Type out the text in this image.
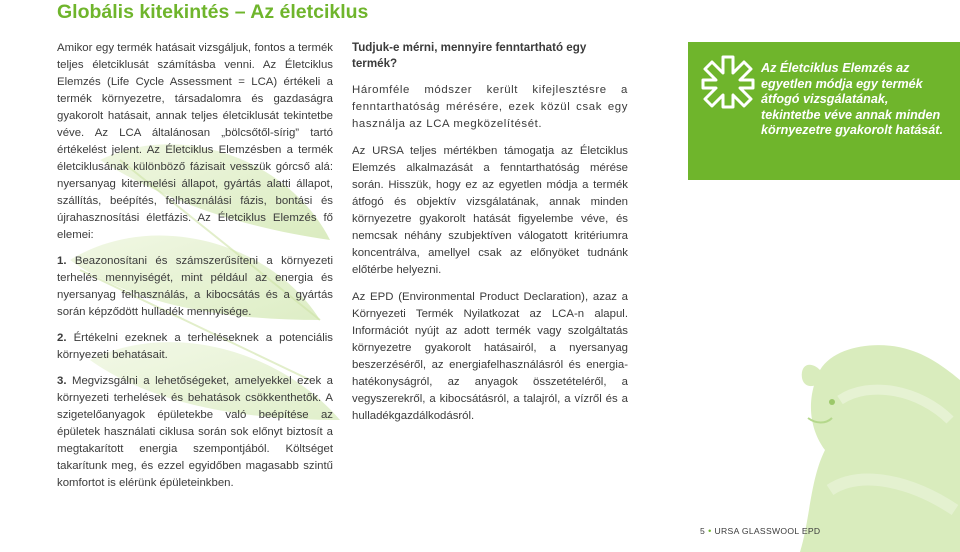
Globális kitekintés – Az életciklus

Amikor egy termék hatásait vizsgáljuk, fontos a termék teljes életciklusát számításba venni. Az Életciklus Elemzés (Life Cycle Assessment = LCA) értékeli a termék környezetre, társadalomra és gazdaságra gyakorolt hatásait, annak teljes életciklusát tekintetbe véve. Az LCA általánosan „bölcsőtől-sírig” tartó értékelést jelent. Az Életciklus Elemzésben a termék életciklusának különböző fázisait vesszük górcső alá: nyersanyag kitermelési állapot, gyártás alatti állapot, szállítás, beépítés, felhasználási fázis, bontási és újrahasznosítási életfázis. Az Életciklus Elemzés fő elemei:

1. Beazonosítani és számszerűsíteni a környezeti terhelés mennyiségét, mint például az energia és nyersanyag felhasználás, a kibocsátás és a gyártás során képződött hulladék mennyisége.

2. Értékelni ezeknek a terheléseknek a potenciális környezeti behatásait.

3. Megvizsgálni a lehetőségeket, amelyekkel ezek a környezeti terhelések és behatások csökkenthetők. A szigetelőanyagok épületekbe való beépítése az épületek használati ciklusa során sok előnyt biztosít a megtakarított energia szempontjából. Költséget takarítunk meg, és ezzel egyidőben magasabb szintű komfortot is elérünk épületeinkben.

Tudjuk-e mérni, mennyire fenntartható egy termék?

Háromféle módszer került kifejlesztésre a fenntarthatóság mérésére, ezek közül csak egy használja az LCA megközelítését.

Az URSA teljes mértékben támogatja az Életciklus Elemzés alkalmazását a fenntarthatóság mérése során. Hisszük, hogy ez az egyetlen módja a termék átfogó és objektív vizsgálatának, annak minden környezetre gyakorolt hatását figyelembe véve, és nemcsak néhány szubjektíven válogatott kritériumra koncentrálva, amellyel csak az előnyöket tudnánk előtérbe helyezni.

Az EPD (Environmental Product Declaration), azaz a Környezeti Termék Nyilatkozat az LCA-n alapul. Információt nyújt az adott termék vagy szolgáltatás környezetre gyakorolt hatásairól, a nyersanyag beszerzéséről, az energiafelhasználásról és energia-hatékonyságról, az anyagok összetételéről, a vegyszerekről, a kibocsátásról, a talajról, a vízről és a hulladékgazdálkodásról.

Az Életciklus Elemzés az egyetlen módja egy termék átfogó vizsgálatának, tekintetbe véve annak minden környezetre gyakorolt hatását.
5 • URSA GLASSWOOL EPD
